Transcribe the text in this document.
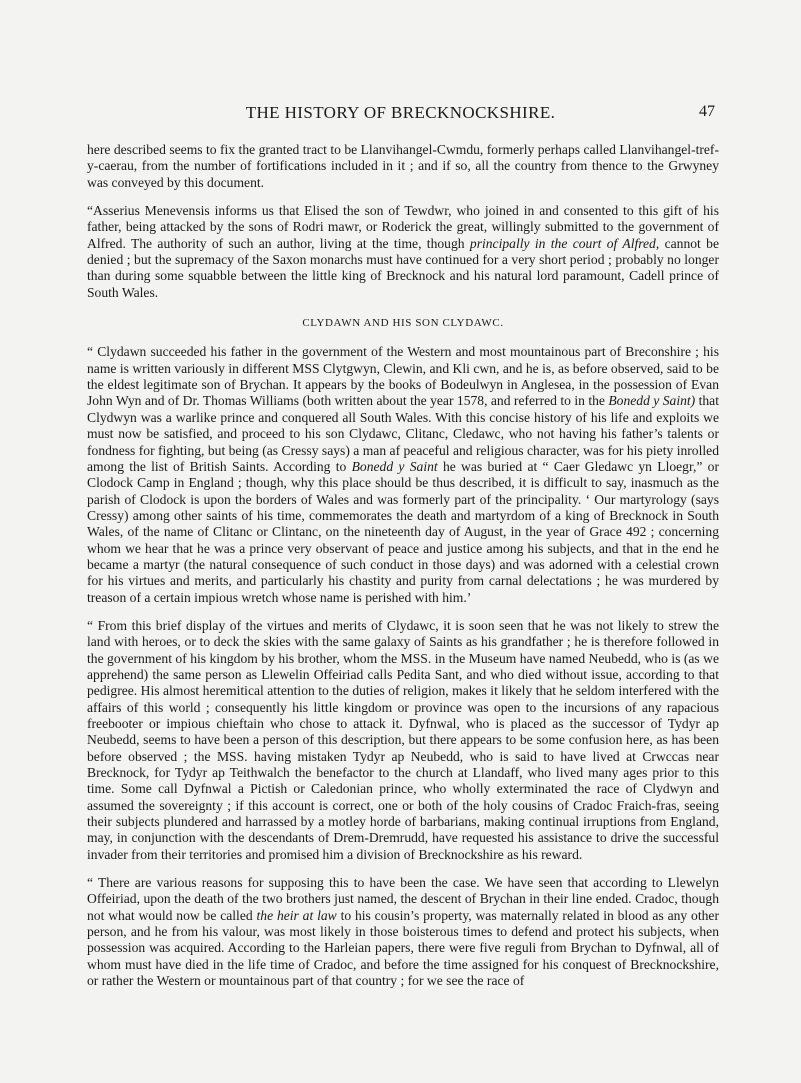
THE HISTORY OF BRECKNOCKSHIRE.	47

here described seems to fix the granted tract to be Llanvihangel-Cwmdu, formerly perhaps called Llanvihangel-tref-y-caerau, from the number of fortifications included in it ; and if so, all the country from thence to the Grwyney was conveyed by this document.

“Asserius Menevensis informs us that Elised the son of Tewdwr, who joined in and consented to this gift of his father, being attacked by the sons of Rodri mawr, or Roderick the great, willingly submitted to the government of Alfred. The authority of such an author, living at the time, though principally in the court of Alfred, cannot be denied ; but the supremacy of the Saxon monarchs must have continued for a very short period ; probably no longer than during some squabble between the little king of Brecknock and his natural lord paramount, Cadell prince of South Wales.

CLYDAWN AND HIS SON CLYDAWC.

“ Clydawn succeeded his father in the government of the Western and most mountainous part of Breconshire ; his name is written variously in different MSS Clytgwyn, Clewin, and Kli cwn, and he is, as before observed, said to be the eldest legitimate son of Brychan. It appears by the books of Bodeulwyn in Anglesea, in the possession of Evan John Wyn and of Dr. Thomas Williams (both written about the year 1578, and referred to in the Bonedd y Saint) that Clydwyn was a warlike prince and conquered all South Wales. With this concise history of his life and exploits we must now be satisfied, and proceed to his son Clydawc, Clitanc, Cledawc, who not having his father’s talents or fondness for fighting, but being (as Cressy says) a man af peaceful and religious character, was for his piety inrolled among the list of British Saints. According to Bonedd y Saint he was buried at “ Caer Gledawc yn Lloegr,” or Clodock Camp in England ; though, why this place should be thus described, it is difficult to say, inasmuch as the parish of Clodock is upon the borders of Wales and was formerly part of the principality. ‘ Our martyrology (says Cressy) among other saints of his time, commemorates the death and martyrdom of a king of Brecknock in South Wales, of the name of Clitanc or Clintanc, on the nineteenth day of August, in the year of Grace 492 ; concerning whom we hear that he was a prince very observant of peace and justice among his subjects, and that in the end he became a martyr (the natural consequence of such conduct in those days) and was adorned with a celestial crown for his virtues and merits, and particularly his chastity and purity from carnal delectations ; he was murdered by treason of a certain impious wretch whose name is perished with him.’

“ From this brief display of the virtues and merits of Clydawc, it is soon seen that he was not likely to strew the land with heroes, or to deck the skies with the same galaxy of Saints as his grandfather ; he is therefore followed in the government of his kingdom by his brother, whom the MSS. in the Museum have named Neubedd, who is (as we apprehend) the same person as Llewelin Offeiriad calls Pedita Sant, and who died without issue, according to that pedigree. His almost heremitical attention to the duties of religion, makes it likely that he seldom interfered with the affairs of this world ; consequently his little kingdom or province was open to the incursions of any rapacious freebooter or impious chieftain who chose to attack it. Dyfnwal, who is placed as the successor of Tydyr ap Neubedd, seems to have been a person of this description, but there appears to be some confusion here, as has been before observed ; the MSS. having mistaken Tydyr ap Neubedd, who is said to have lived at Crwccas near Brecknock, for Tydyr ap Teithwalch the benefactor to the church at Llandaff, who lived many ages prior to this time. Some call Dyfnwal a Pictish or Caledonian prince, who wholly exterminated the race of Clydwyn and assumed the sovereignty ; if this account is correct, one or both of the holy cousins of Cradoc Fraich-fras, seeing their subjects plundered and harrassed by a motley horde of barbarians, making continual irruptions from England, may, in conjunction with the descendants of Drem-Dremrudd, have requested his assistance to drive the successful invader from their territories and promised him a division of Brecknockshire as his reward.

“ There are various reasons for supposing this to have been the case. We have seen that according to Llewelyn Offeiriad, upon the death of the two brothers just named, the descent of Brychan in their line ended. Cradoc, though not what would now be called the heir at law to his cousin’s property, was maternally related in blood as any other person, and he from his valour, was most likely in those boisterous times to defend and protect his subjects, when possession was acquired. According to the Harleian papers, there were five reguli from Brychan to Dyfnwal, all of whom must have died in the life time of Cradoc, and before the time assigned for his conquest of Brecknockshire, or rather the Western or mountainous part of that country ; for we see the race of
